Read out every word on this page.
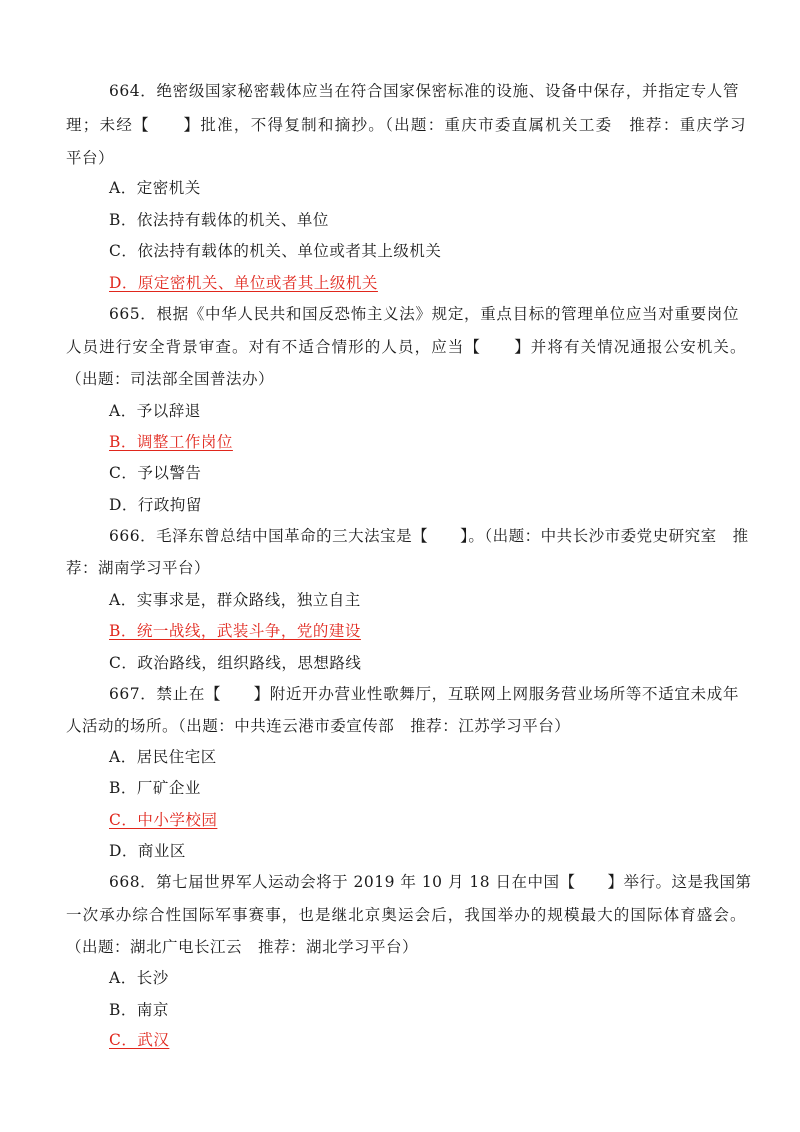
664．绝密级国家秘密载体应当在符合国家保密标准的设施、设备中保存，并指定专人管
理；未经【　　】批准，不得复制和摘抄。（出题：重庆市委直属机关工委　推荐：重庆学习
平台）
A．定密机关
B．依法持有载体的机关、单位
C．依法持有载体的机关、单位或者其上级机关
D．原定密机关、单位或者其上级机关
665．根据《中华人民共和国反恐怖主义法》规定，重点目标的管理单位应当对重要岗位
人员进行安全背景审查。对有不适合情形的人员，应当【　　】并将有关情况通报公安机关。
（出题：司法部全国普法办）
A．予以辞退
B．调整工作岗位
C．予以警告
D．行政拘留
666．毛泽东曾总结中国革命的三大法宝是【　　】。（出题：中共长沙市委党史研究室　推
荐：湖南学习平台）
A．实事求是，群众路线，独立自主
B．统一战线，武装斗争，党的建设
C．政治路线，组织路线，思想路线
667．禁止在【　　】附近开办营业性歌舞厅，互联网上网服务营业场所等不适宜未成年
人活动的场所。（出题：中共连云港市委宣传部　推荐：江苏学习平台）
A．居民住宅区
B．厂矿企业
C．中小学校园
D．商业区
668．第七届世界军人运动会将于 2019 年 10 月 18 日在中国【　　】举行。这是我国第
一次承办综合性国际军事赛事，也是继北京奥运会后，我国举办的规模最大的国际体育盛会。
（出题：湖北广电长江云　推荐：湖北学习平台）
A．长沙
B．南京
C．武汉
